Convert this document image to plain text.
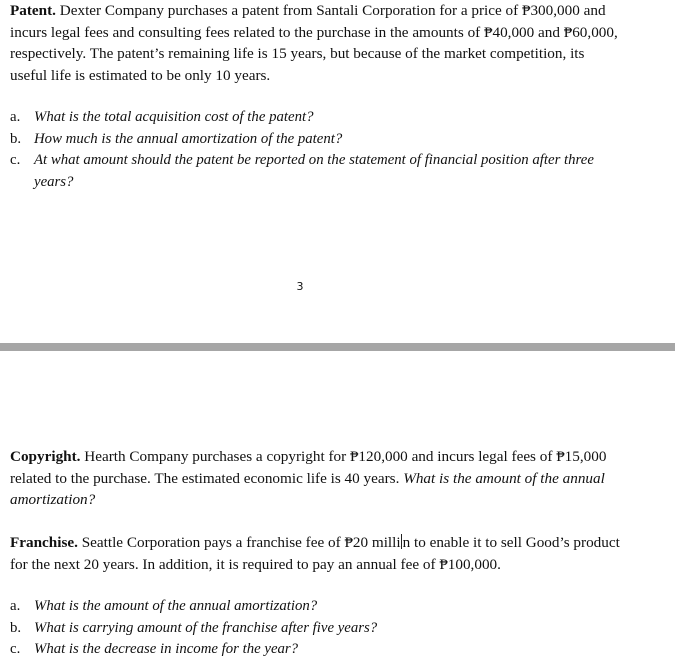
Patent. Dexter Company purchases a patent from Santali Corporation for a price of ₱300,000 and incurs legal fees and consulting fees related to the purchase in the amounts of ₱40,000 and ₱60,000, respectively. The patent’s remaining life is 15 years, but because of the market competition, its useful life is estimated to be only 10 years.

a. What is the total acquisition cost of the patent?
b. How much is the annual amortization of the patent?
c. At what amount should the patent be reported on the statement of financial position after three years?
3

Copyright. Hearth Company purchases a copyright for ₱120,000 and incurs legal fees of ₱15,000 related to the purchase. The estimated economic life is 40 years. What is the amount of the annual amortization?

Franchise. Seattle Corporation pays a franchise fee of ₱20 milli n to enable it to sell Good’s product for the next 20 years. In addition, it is required to pay an annual fee of ₱100,000.

a. What is the amount of the annual amortization?
b. What is carrying amount of the franchise after five years?
c. What is the decrease in income for the year?
